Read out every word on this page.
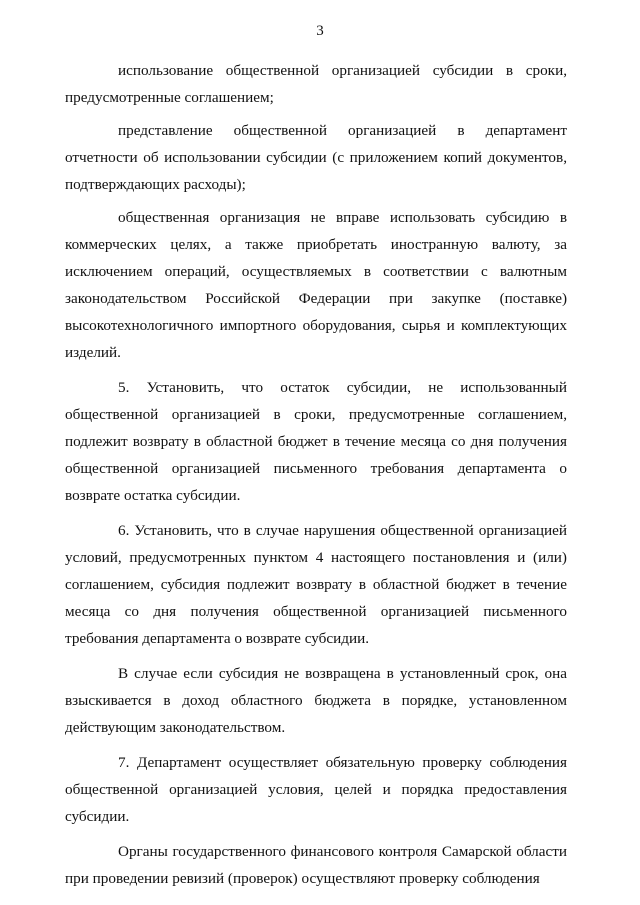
3

использование общественной организацией субсидии в сроки, предусмотренные соглашением;

представление общественной организацией в департамент отчетности об использовании субсидии (с приложением копий документов, подтверждающих расходы);

общественная организация не вправе использовать субсидию в коммерческих целях, а также приобретать иностранную валюту, за исключением операций, осуществляемых в соответствии с валютным законодательством Российской Федерации при закупке (поставке) высокотехнологичного импортного оборудования, сырья и комплектующих изделий.

5. Установить, что остаток субсидии, не использованный общественной организацией в сроки, предусмотренные соглашением, подлежит возврату в областной бюджет в течение месяца со дня получения общественной организацией письменного требования департамента о возврате остатка субсидии.

6. Установить, что в случае нарушения общественной организацией условий, предусмотренных пунктом 4 настоящего постановления и (или) соглашением, субсидия подлежит возврату в областной бюджет в течение месяца со дня получения общественной организацией письменного требования департамента о возврате субсидии.

В случае если субсидия не возвращена в установленный срок, она взыскивается в доход областного бюджета в порядке, установленном действующим законодательством.

7. Департамент осуществляет обязательную проверку соблюдения общественной организацией условия, целей и порядка предоставления субсидии.

Органы государственного финансового контроля Самарской области при проведении ревизий (проверок) осуществляют проверку соблюдения
